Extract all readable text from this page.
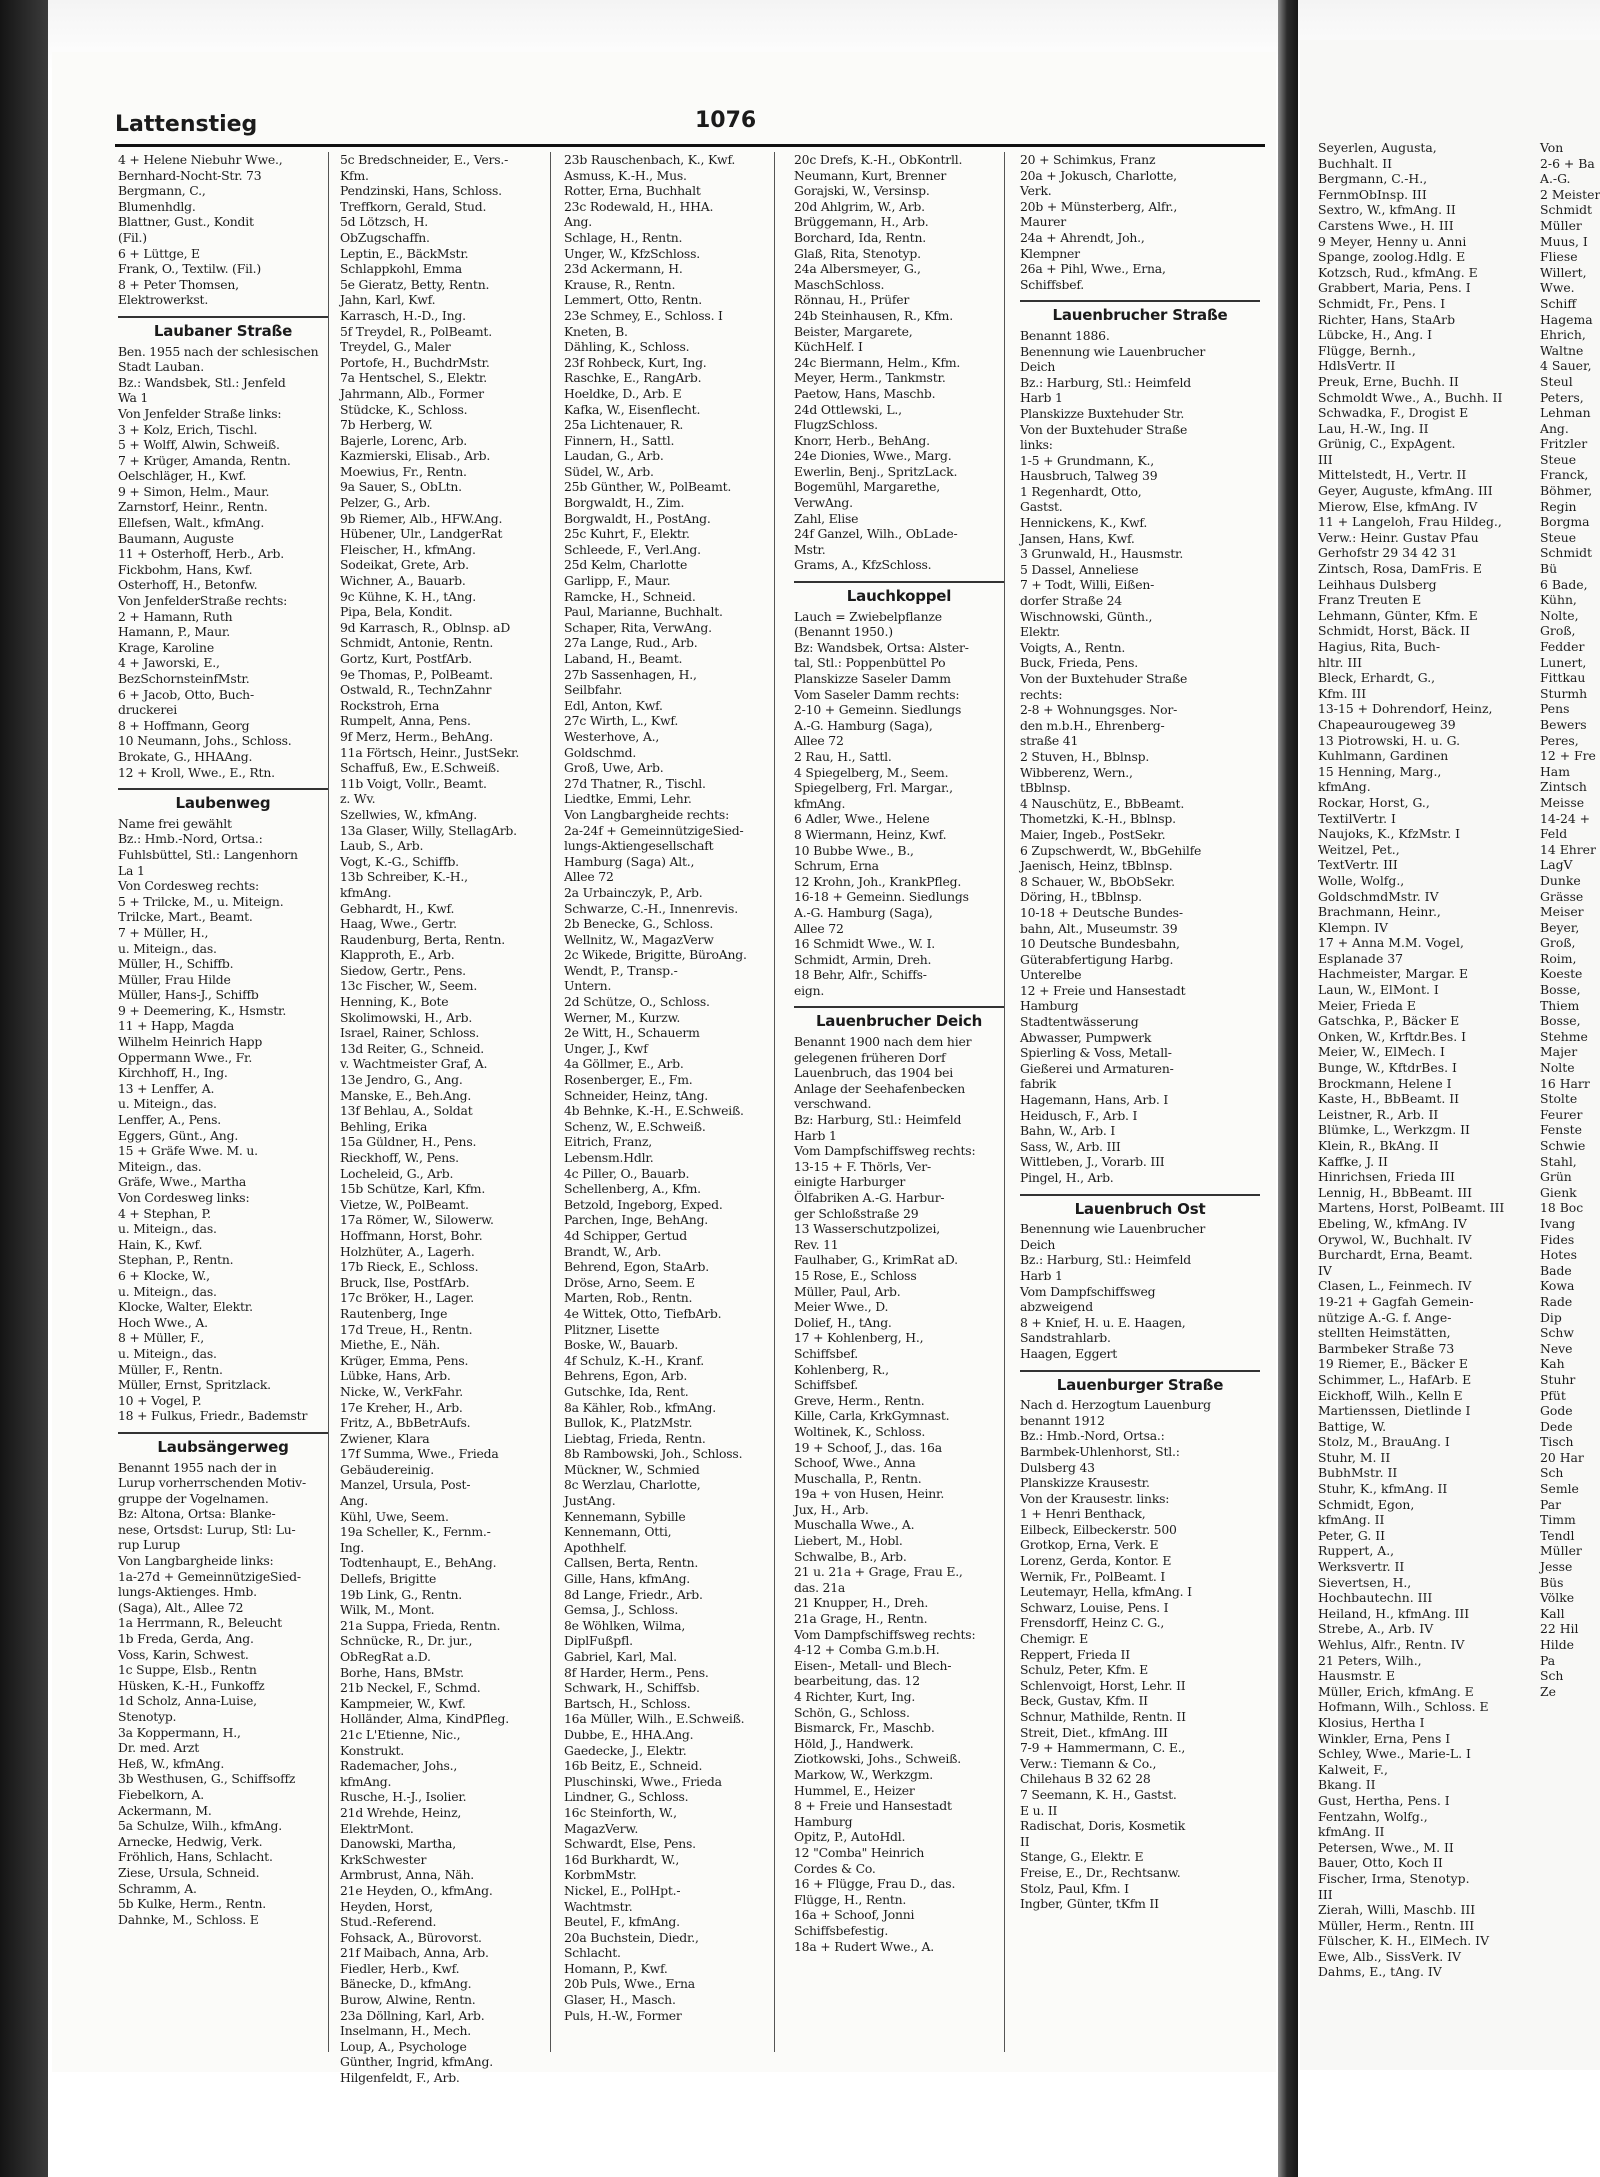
Lattenstieg	1076
4 + Helene Niebuhr Wwe.,
Bernhard-Nocht-Str. 73
Bergmann, C.,
Blumenhdlg.
Blattner, Gust., Kondit
(Fil.)
6 + Lüttge, E
Frank, O., Textilw. (Fil.)
8 + Peter Thomsen,
Elektrowerkst.
Laubaner Straße
Ben. 1955 nach der schlesischen
Stadt Lauban.
Bz.: Wandsbek, Stl.: Jenfeld
Wa 1
Von Jenfelder Straße links:
3 + Kolz, Erich, Tischl.
5 + Wolff, Alwin, Schweiß.
7 + Krüger, Amanda, Rentn.
Oelschläger, H., Kwf.
9 + Simon, Helm., Maur.
Zarnstorf, Heinr., Rentn.
Ellefsen, Walt., kfmAng.
Baumann, Auguste
11 + Osterhoff, Herb., Arb.
Fickbohm, Hans, Kwf.
Osterhoff, H., Betonfw.
Von JenfelderStraße rechts:
2 + Hamann, Ruth
Hamann, P., Maur.
Krage, Karoline
4 + Jaworski, E.,
BezSchornsteinfMstr.
6 + Jacob, Otto, Buch-
druckerei
8 + Hoffmann, Georg
10 Neumann, Johs., Schloss.
Brokate, G., HHAAng.
12 + Kroll, Wwe., E., Rtn.
Laubenweg
Name frei gewählt
Bz.: Hmb.-Nord, Ortsa.:
Fuhlsbüttel, Stl.: Langenhorn
La 1
Von Cordesweg rechts:
5 + Trilcke, M., u. Miteign.
Trilcke, Mart., Beamt.
7 + Müller, H.,
u. Miteign., das.
Müller, H., Schiffb.
Müller, Frau Hilde
Müller, Hans-J., Schiffb
9 + Deemering, K., Hsmstr.
11 + Happ, Magda
Wilhelm Heinrich Happ
Oppermann Wwe., Fr.
Kirchhoff, H., Ing.
13 + Lenffer, A.
u. Miteign., das.
Lenffer, A., Pens.
Eggers, Günt., Ang.
15 + Gräfe Wwe. M. u.
Miteign., das.
Gräfe, Wwe., Martha
Von Cordesweg links:
4 + Stephan, P.
u. Miteign., das.
Hain, K., Kwf.
Stephan, P., Rentn.
6 + Klocke, W.,
u. Miteign., das.
Klocke, Walter, Elektr.
Hoch Wwe., A.
8 + Müller, F.,
u. Miteign., das.
Müller, F., Rentn.
Müller, Ernst, Spritzlack.
10 + Vogel, P.
18 + Fulkus, Friedr., Bademstr
Laubsängerweg
Benannt 1955 nach der in
Lurup vorherrschenden Motiv-
gruppe der Vogelnamen.
Bz: Altona, Ortsa: Blanke-
nese, Ortsdst: Lurup, Stl: Lu-
rup Lurup
Von Langbargheide links:
1a-27d + GemeinnützigeSied-
lungs-Aktienges. Hmb.
(Saga), Alt., Allee 72
1a Herrmann, R., Beleucht
1b Freda, Gerda, Ang.
Voss, Karin, Schwest.
1c Suppe, Elsb., Rentn
Hüsken, K.-H., Funkoffz
1d Scholz, Anna-Luise,
Stenotyp.
3a Koppermann, H.,
Dr. med. Arzt
Heß, W., kfmAng.
3b Westhusen, G., Schiffsoffz
Fiebelkorn, A.
Ackermann, M.
5a Schulze, Wilh., kfmAng.
Arnecke, Hedwig, Verk.
Fröhlich, Hans, Schlacht.
Ziese, Ursula, Schneid.
Schramm, A.
5b Kulke, Herm., Rentn.
Dahnke, M., Schloss. E
5c Bredschneider, E., Vers.-
Kfm.
Pendzinski, Hans, Schloss.
Treffkorn, Gerald, Stud.
5d Lötzsch, H.
ObZugschaffn.
Leptin, E., BäckMstr.
Schlappkohl, Emma
5e Gieratz, Betty, Rentn.
Jahn, Karl, Kwf.
Karrasch, H.-D., Ing.
5f Treydel, R., PolBeamt.
Treydel, G., Maler
Portofe, H., BuchdrMstr.
7a Hentschel, S., Elektr.
Jahrmann, Alb., Former
Stüdcke, K., Schloss.
7b Herberg, W.
Bajerle, Lorenc, Arb.
Kazmierski, Elisab., Arb.
Moewius, Fr., Rentn.
9a Sauer, S., ObLtn.
Pelzer, G., Arb.
9b Riemer, Alb., HFW.Ang.
Hübener, Ulr., LandgerRat
Fleischer, H., kfmAng.
Sodeikat, Grete, Arb.
Wichner, A., Bauarb.
9c Kühne, K. H., tAng.
Pipa, Bela, Kondit.
9d Karrasch, R., Oblnsp. aD
Schmidt, Antonie, Rentn.
Gortz, Kurt, PostfArb.
9e Thomas, P., PolBeamt.
Ostwald, R., TechnZahnr
Rockstroh, Erna
Rumpelt, Anna, Pens.
9f Merz, Herm., BehAng.
11a Förtsch, Heinr., JustSekr.
Schaffuß, Ew., E.Schweiß.
11b Voigt, Vollr., Beamt.
z. Wv.
Szellwies, W., kfmAng.
13a Glaser, Willy, StellagArb.
Laub, S., Arb.
Vogt, K.-G., Schiffb.
13b Schreiber, K.-H.,
kfmAng.
Gebhardt, H., Kwf.
Haag, Wwe., Gertr.
Raudenburg, Berta, Rentn.
Klapproth, E., Arb.
Siedow, Gertr., Pens.
13c Fischer, W., Seem.
Henning, K., Bote
Skolimowski, H., Arb.
Israel, Rainer, Schloss.
13d Reiter, G., Schneid.
v. Wachtmeister Graf, A.
13e Jendro, G., Ang.
Manske, E., Beh.Ang.
13f Behlau, A., Soldat
Behling, Erika
15a Güldner, H., Pens.
Rieckhoff, W., Pens.
Locheleid, G., Arb.
15b Schütze, Karl, Kfm.
Vietze, W., PolBeamt.
17a Römer, W., Silowerw.
Hoffmann, Horst, Bohr.
Holzhüter, A., Lagerh.
17b Rieck, E., Schloss.
Bruck, Ilse, PostfArb.
17c Bröker, H., Lager.
Rautenberg, Inge
17d Treue, H., Rentn.
Miethe, E., Näh.
Krüger, Emma, Pens.
Lübke, Hans, Arb.
Nicke, W., VerkFahr.
17e Kreher, H., Arb.
Fritz, A., BbBetrAufs.
Zwiener, Klara
17f Summa, Wwe., Frieda
Gebäudereinig.
Manzel, Ursula, Post-
Ang.
Kühl, Uwe, Seem.
19a Scheller, K., Fernm.-
Ing.
Todtenhaupt, E., BehAng.
Dellefs, Brigitte
19b Link, G., Rentn.
Wilk, M., Mont.
21a Suppa, Frieda, Rentn.
Schnücke, R., Dr. jur.,
ObRegRat a.D.
Borhe, Hans, BMstr.
21b Neckel, F., Schmd.
Kampmeier, W., Kwf.
Holländer, Alma, KindPfleg.
21c L'Etienne, Nic.,
Konstrukt.
Rademacher, Johs.,
kfmAng.
Rusche, H.-J., Isolier.
21d Wrehde, Heinz,
ElektrMont.
Danowski, Martha,
KrkSchwester
Armbrust, Anna, Näh.
21e Heyden, O., kfmAng.
Heyden, Horst,
Stud.-Referend.
Fohsack, A., Bürovorst.
21f Maibach, Anna, Arb.
Fiedler, Herb., Kwf.
Bänecke, D., kfmAng.
Burow, Alwine, Rentn.
23a Döllning, Karl, Arb.
Inselmann, H., Mech.
Loup, A., Psychologe
Günther, Ingrid, kfmAng.
Hilgenfeldt, F., Arb.
23b Rauschenbach, K., Kwf.
Asmuss, K.-H., Mus.
Rotter, Erna, Buchhalt
23c Rodewald, H., HHA.
Ang.
Schlage, H., Rentn.
Unger, W., KfzSchloss.
23d Ackermann, H.
Krause, R., Rentn.
Lemmert, Otto, Rentn.
23e Schmey, E., Schloss. I
Kneten, B.
Dähling, K., Schloss.
23f Rohbeck, Kurt, Ing.
Raschke, E., RangArb.
Hoeldke, D., Arb. E
Kafka, W., Eisenflecht.
25a Lichtenauer, R.
Finnern, H., Sattl.
Laudan, G., Arb.
Südel, W., Arb.
25b Günther, W., PolBeamt.
Borgwaldt, H., Zim.
Borgwaldt, H., PostAng.
25c Kuhrt, F., Elektr.
Schleede, F., Verl.Ang.
25d Kelm, Charlotte
Garlipp, F., Maur.
Ramcke, H., Schneid.
Paul, Marianne, Buchhalt.
Schaper, Rita, VerwAng.
27a Lange, Rud., Arb.
Laband, H., Beamt.
27b Sassenhagen, H.,
Seilbfahr.
Edl, Anton, Kwf.
27c Wirth, L., Kwf.
Westerhove, A.,
Goldschmd.
Groß, Uwe, Arb.
27d Thatner, R., Tischl.
Liedtke, Emmi, Lehr.
Von Langbargheide rechts:
2a-24f + GemeinnützigeSied-
lungs-Aktiengesellschaft
Hamburg (Saga) Alt.,
Allee 72
2a Urbainczyk, P., Arb.
Schwarze, C.-H., Innenrevis.
2b Benecke, G., Schloss.
Wellnitz, W., MagazVerw
2c Wikede, Brigitte, BüroAng.
Wendt, P., Transp.-
Untern.
2d Schütze, O., Schloss.
Werner, M., Kurzw.
2e Witt, H., Schauerm
Unger, J., Kwf
4a Göllmer, E., Arb.
Rosenberger, E., Fm.
Schneider, Heinz, tAng.
4b Behnke, K.-H., E.Schweiß.
Schenz, W., E.Schweiß.
Eitrich, Franz,
Lebensm.Hdlr.
4c Piller, O., Bauarb.
Schellenberg, A., Kfm.
Betzold, Ingeborg, Exped.
Parchen, Inge, BehAng.
4d Schipper, Gertud
Brandt, W., Arb.
Behrend, Egon, StaArb.
Dröse, Arno, Seem. E
Marten, Rob., Rentn.
4e Wittek, Otto, TiefbArb.
Plitzner, Lisette
Boske, W., Bauarb.
4f Schulz, K.-H., Kranf.
Behrens, Egon, Arb.
Gutschke, Ida, Rent.
8a Kähler, Rob., kfmAng.
Bullok, K., PlatzMstr.
Liebtag, Frieda, Rentn.
8b Rambowski, Joh., Schloss.
Mückner, W., Schmied
8c Werzlau, Charlotte,
JustAng.
Kennemann, Sybille
Kennemann, Otti,
Apothhelf.
Callsen, Berta, Rentn.
Gille, Hans, kfmAng.
8d Lange, Friedr., Arb.
Gemsa, J., Schloss.
8e Wöhlken, Wilma,
DiplFußpfl.
Gabriel, Karl, Mal.
8f Harder, Herm., Pens.
Schwark, H., Schiffsb.
Bartsch, H., Schloss.
16a Müller, Wilh., E.Schweiß.
Dubbe, E., HHA.Ang.
Gaedecke, J., Elektr.
16b Beitz, E., Schneid.
Pluschinski, Wwe., Frieda
Lindner, G., Schloss.
16c Steinforth, W.,
MagazVerw.
Schwardt, Else, Pens.
16d Burkhardt, W.,
KorbmMstr.
Nickel, E., PolHpt.-
Wachtmstr.
Beutel, F., kfmAng.
20a Buchstein, Diedr.,
Schlacht.
Homann, P., Kwf.
20b Puls, Wwe., Erna
Glaser, H., Masch.
Puls, H.-W., Former
20c Drefs, K.-H., ObKontrll.
Neumann, Kurt, Brenner
Gorajski, W., Versinsp.
20d Ahlgrim, W., Arb.
Brüggemann, H., Arb.
Borchard, Ida, Rentn.
Glaß, Rita, Stenotyp.
24a Albersmeyer, G.,
MaschSchloss.
Rönnau, H., Prüfer
24b Steinhausen, R., Kfm.
Beister, Margarete,
KüchHelf. I
24c Biermann, Helm., Kfm.
Meyer, Herm., Tankmstr.
Paetow, Hans, Maschb.
24d Ottlewski, L.,
FlugzSchloss.
Knorr, Herb., BehAng.
24e Dionies, Wwe., Marg.
Ewerlin, Benj., SpritzLack.
Bogemühl, Margarethe,
VerwAng.
Zahl, Elise
24f Ganzel, Wilh., ObLade-
Mstr.
Grams, A., KfzSchloss.
Lauchkoppel
Lauch = Zwiebelpflanze
(Benannt 1950.)
Bz: Wandsbek, Ortsa: Alster-
tal, Stl.: Poppenbüttel Po
Planskizze Saseler Damm
Vom Saseler Damm rechts:
2-10 + Gemeinn. Siedlungs
A.-G. Hamburg (Saga),
Allee 72
2 Rau, H., Sattl.
4 Spiegelberg, M., Seem.
Spiegelberg, Frl. Margar.,
kfmAng.
6 Adler, Wwe., Helene
8 Wiermann, Heinz, Kwf.
10 Bubbe Wwe., B.,
Schrum, Erna
12 Krohn, Joh., KrankPfleg.
16-18 + Gemeinn. Siedlungs
A.-G. Hamburg (Saga),
Allee 72
16 Schmidt Wwe., W. I.
Schmidt, Armin, Dreh.
18 Behr, Alfr., Schiffs-
eign.
Lauenbrucher Deich
Benannt 1900 nach dem hier
gelegenen früheren Dorf
Lauenbruch, das 1904 bei
Anlage der Seehafenbecken
verschwand.
Bz: Harburg, Stl.: Heimfeld
Harb 1
Vom Dampfschiffsweg rechts:
13-15 + F. Thörls, Ver-
einigte Harburger
Ölfabriken A.-G. Harbur-
ger Schloßstraße 29
13 Wasserschutzpolizei,
Rev. 11
Faulhaber, G., KrimRat aD.
15 Rose, E., Schloss
Müller, Paul, Arb.
Meier Wwe., D.
Dolief, H., tAng.
17 + Kohlenberg, H.,
Schiffsbef.
Kohlenberg, R.,
Schiffsbef.
Greve, Herm., Rentn.
Kille, Carla, KrkGymnast.
Woltinek, K., Schloss.
19 + Schoof, J., das. 16a
Schoof, Wwe., Anna
Muschalla, P., Rentn.
19a + von Husen, Heinr.
Jux, H., Arb.
Muschalla Wwe., A.
Liebert, M., Hobl.
Schwalbe, B., Arb.
21 u. 21a + Grage, Frau E.,
das. 21a
21 Knupper, H., Dreh.
21a Grage, H., Rentn.
Vom Dampfschiffsweg rechts:
4-12 + Comba G.m.b.H.
Eisen-, Metall- und Blech-
bearbeitung, das. 12
4 Richter, Kurt, Ing.
Schön, G., Schloss.
Bismarck, Fr., Maschb.
Höld, J., Handwerk.
Ziotkowski, Johs., Schweiß.
Markow, W., Werkzgm.
Hummel, E., Heizer
8 + Freie und Hansestadt
Hamburg
Opitz, P., AutoHdl.
12 "Comba" Heinrich
Cordes & Co.
16 + Flügge, Frau D., das.
Flügge, H., Rentn.
16a + Schoof, Jonni
Schiffsbefestig.
18a + Rudert Wwe., A.
20 + Schimkus, Franz
20a + Jokusch, Charlotte,
Verk.
20b + Münsterberg, Alfr.,
Maurer
24a + Ahrendt, Joh.,
Klempner
26a + Pihl, Wwe., Erna,
Schiffsbef.
Lauenbrucher Straße
Benannt 1886.
Benennung wie Lauenbrucher
Deich
Bz.: Harburg, Stl.: Heimfeld
Harb 1
Planskizze Buxtehuder Str.
Von der Buxtehuder Straße
links:
1-5 + Grundmann, K.,
Hausbruch, Talweg 39
1 Regenhardt, Otto,
Gastst.
Hennickens, K., Kwf.
Jansen, Hans, Kwf.
3 Grunwald, H., Hausmstr.
5 Dassel, Anneliese
7 + Todt, Willi, Eißen-
dorfer Straße 24
Wischnowski, Günth.,
Elektr.
Voigts, A., Rentn.
Buck, Frieda, Pens.
Von der Buxtehuder Straße
rechts:
2-8 + Wohnungsges. Nor-
den m.b.H., Ehrenberg-
straße 41
2 Stuven, H., Bblnsp.
Wibberenz, Wern.,
tBblnsp.
4 Nauschütz, E., BbBeamt.
Thometzki, K.-H., Bblnsp.
Maier, Ingeb., PostSekr.
6 Zupschwerdt, W., BbGehilfe
Jaenisch, Heinz, tBblnsp.
8 Schauer, W., BbObSekr.
Döring, H., tBblnsp.
10-18 + Deutsche Bundes-
bahn, Alt., Museumstr. 39
10 Deutsche Bundesbahn,
Güterabfertigung Harbg.
Unterelbe
12 + Freie und Hansestadt
Hamburg
Stadtentwässerung
Abwasser, Pumpwerk
Spierling & Voss, Metall-
Gießerei und Armaturen-
fabrik
Hagemann, Hans, Arb. I
Heidusch, F., Arb. I
Bahn, W., Arb. I
Sass, W., Arb. III
Wittleben, J., Vorarb. III
Pingel, H., Arb.
Lauenbruch Ost
Benennung wie Lauenbrucher
Deich
Bz.: Harburg, Stl.: Heimfeld
Harb 1
Vom Dampfschiffsweg
abzweigend
8 + Knief, H. u. E. Haagen,
Sandstrahlarb.
Haagen, Eggert
Lauenburger Straße
Nach d. Herzogtum Lauenburg
benannt 1912
Bz.: Hmb.-Nord, Ortsa.:
Barmbek-Uhlenhorst, Stl.:
Dulsberg 43
Planskizze Krausestr.
Von der Krausestr. links:
1 + Henri Benthack,
Eilbeck, Eilbeckerstr. 500
Grotkop, Erna, Verk. E
Lorenz, Gerda, Kontor. E
Wernik, Fr., PolBeamt. I
Leutemayr, Hella, kfmAng. I
Schwarz, Louise, Pens. I
Frensdorff, Heinz C. G.,
Chemigr. E
Reppert, Frieda II
Schulz, Peter, Kfm. E
Schlenvoigt, Horst, Lehr. II
Beck, Gustav, Kfm. II
Schnur, Mathilde, Rentn. II
Streit, Diet., kfmAng. III
7-9 + Hammermann, C. E.,
Verw.: Tiemann & Co.,
Chilehaus B 32 62 28
7 Seemann, K. H., Gastst.
E u. II
Radischat, Doris, Kosmetik
II
Stange, G., Elektr. E
Freise, E., Dr., Rechtsanw.
Stolz, Paul, Kfm. I
Ingber, Günter, tKfm II
Seyerlen, Augusta,
Buchhalt. II
Bergmann, C.-H.,
FernmObInsp. III
Sextro, W., kfmAng. II
Carstens Wwe., H. III
9 Meyer, Henny u. Anni
Spange, zoolog.Hdlg. E
Kotzsch, Rud., kfmAng. E
Grabbert, Maria, Pens. I
Schmidt, Fr., Pens. I
Richter, Hans, StaArb
Lübcke, H., Ang. I
Flügge, Bernh.,
HdlsVertr. II
Preuk, Erne, Buchh. II
Schmoldt Wwe., A., Buchh. II
Schwadka, F., Drogist E
Lau, H.-W., Ing. II
Grünig, C., ExpAgent.
III
Mittelstedt, H., Vertr. II
Geyer, Auguste, kfmAng. III
Mierow, Else, kfmAng. IV
11 + Langeloh, Frau Hildeg.,
Verw.: Heinr. Gustav Pfau
Gerhofstr 29 34 42 31
Zintsch, Rosa, DamFris. E
Leihhaus Dulsberg
Franz Treuten E
Lehmann, Günter, Kfm. E
Schmidt, Horst, Bäck. II
Hagius, Rita, Buch-
hltr. III
Bleck, Erhardt, G.,
Kfm. III
13-15 + Dohrendorf, Heinz,
Chapeaurougeweg 39
13 Piotrowski, H. u. G.
Kuhlmann, Gardinen
15 Henning, Marg.,
kfmAng.
Rockar, Horst, G.,
TextilVertr. I
Naujoks, K., KfzMstr. I
Weitzel, Pet.,
TextVertr. III
Wolle, Wolfg.,
GoldschmdMstr. IV
Brachmann, Heinr.,
Klempn. IV
17 + Anna M.M. Vogel,
Esplanade 37
Hachmeister, Margar. E
Laun, W., ElMont. I
Meier, Frieda E
Gatschka, P., Bäcker E
Onken, W., Krftdr.Bes. I
Meier, W., ElMech. I
Bunge, W., KftdrBes. I
Brockmann, Helene I
Kaste, H., BbBeamt. II
Leistner, R., Arb. II
Blümke, L., Werkzgm. II
Klein, R., BkAng. II
Kaffke, J. II
Hinrichsen, Frieda III
Lennig, H., BbBeamt. III
Martens, Horst, PolBeamt. III
Ebeling, W., kfmAng. IV
Orywol, W., Buchhalt. IV
Burchardt, Erna, Beamt.
IV
Clasen, L., Feinmech. IV
19-21 + Gagfah Gemein-
nützige A.-G. f. Ange-
stellten Heimstätten,
Barmbeker Straße 73
19 Riemer, E., Bäcker E
Schimmer, L., HafArb. E
Eickhoff, Wilh., Kelln E
Martienssen, Dietlinde I
Battige, W.
Stolz, M., BrauAng. I
Stuhr, M. II
BubhMstr. II
Stuhr, K., kfmAng. II
Schmidt, Egon,
kfmAng. II
Peter, G. II
Ruppert, A.,
Werksvertr. II
Sievertsen, H.,
Hochbautechn. III
Heiland, H., kfmAng. III
Strebe, A., Arb. IV
Wehlus, Alfr., Rentn. IV
21 Peters, Wilh.,
Hausmstr. E
Müller, Erich, kfmAng. E
Hofmann, Wilh., Schloss. E
Klosius, Hertha I
Winkler, Erna, Pens I
Schley, Wwe., Marie-L. I
Kalweit, F.,
Bkang. II
Gust, Hertha, Pens. I
Fentzahn, Wolfg.,
kfmAng. II
Petersen, Wwe., M. II
Bauer, Otto, Koch II
Fischer, Irma, Stenotyp.
III
Zierah, Willi, Maschb. III
Müller, Herm., Rentn. III
Fülscher, K. H., ElMech. IV
Ewe, Alb., SissVerk. IV
Dahms, E., tAng. IV
Von
2-6 + Ba
A.-G.
2 Meister
Schmidt
Müller
Muus, I
Fliese
Willert,
Wwe.
Schiff
Hagema
Ehrich,
Waltne
4 Sauer,
Steul
Peters,
Lehman
Ang.
Fritzler
Steue
Franck,
Böhmer,
Regin
Borgma
Steue
Schmidt
Bü
6 Bade,
Kühn,
Nolte,
Groß,
Fedder
Lunert,
Fittkau
Sturmh
Pens
Bewers
Peres,
12 + Fre
Ham
Zintsch
Meisse
14-24 +
Feld
14 Ehrer
LagV
Dunke
Grässe
Meiser
Beyer,
Groß,
Roim,
Koeste
Bosse,
Thiem
Bosse,
Stehme
Majer
Nolte
16 Harr
Stolte
Feurer
Fenste
Schwie
Stahl,
Grün
Gienk
18 Boc
Ivang
Fides
Hotes
Bade
Kowa
Rade
Dip
Schw
Neve
Kah
Stuhr
Pfüt
Gode
Dede
Tisch
20 Har
Sch
Semle
Par
Timm
Tendl
Müller
Jesse
Büs
Völke
Kall
22 Hil
Hilde
Pa
Sch
Ze
